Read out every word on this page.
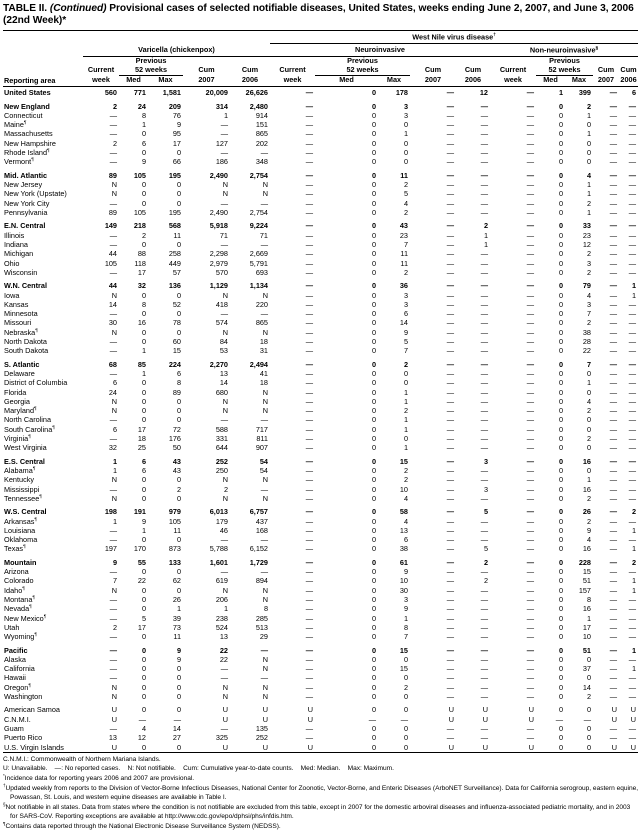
TABLE II. (Continued) Provisional cases of selected notifiable diseases, United States, weeks ending June 2, 2007, and June 3, 2006 (22nd Week)*
						West Nile virus disease†
	Varicella (chickenpox)					Neuroinvasive					Non-neuroinvasive§
Reporting area		Previous					Previous					Previous			
	Current	52 weeks		Cum	Cum	Current	52 weeks		Cum	Cum	Current	52 weeks		Cum	Cum
	week	Med	Max	2007	2006	week	Med	Max	2007	2006	week	Med	Max	2007	2006
United States	560	771	1,581	20,009	26,626	—	0	178	—	12	—	1	399	—	6

New England	2	24	209	314	2,480	—	0	3	—	—	—	0	2	—	—
Connecticut	—	8	76	1	914	—	0	3	—	—	—	0	1	—	—
Maine¶	—	1	9	—	151	—	0	0	—	—	—	0	0	—	—
Massachusetts	—	0	95	—	865	—	0	1	—	—	—	0	1	—	—
New Hampshire	2	6	17	127	202	—	0	0	—	—	—	0	0	—	—
Rhode Island¶	—	0	0	—	—	—	0	0	—	—	—	0	0	—	—
Vermont¶	—	9	66	186	348	—	0	0	—	—	—	0	0	—	—

Mid. Atlantic	89	105	195	2,490	2,754	—	0	11	—	—	—	0	4	—	—
New Jersey	N	0	0	N	N	—	0	2	—	—	—	0	1	—	—
New York (Upstate)	N	0	0	N	N	—	0	5	—	—	—	0	1	—	—
New York City	—	0	0	—	—	—	0	4	—	—	—	0	2	—	—
Pennsylvania	89	105	195	2,490	2,754	—	0	2	—	—	—	0	1	—	—

E.N. Central	149	218	568	5,918	9,224	—	0	43	—	2	—	0	33	—	—
Illinois	—	2	11	71	71	—	0	23	—	1	—	0	23	—	—
Indiana	—	0	0	—	—	—	0	7	—	1	—	0	12	—	—
Michigan	44	88	258	2,298	2,669	—	0	11	—	—	—	0	2	—	—
Ohio	105	118	449	2,979	5,791	—	0	11	—	—	—	0	3	—	—
Wisconsin	—	17	57	570	693	—	0	2	—	—	—	0	2	—	—

W.N. Central	44	32	136	1,129	1,134	—	0	36	—	—	—	0	79	—	1
Iowa	N	0	0	N	N	—	0	3	—	—	—	0	4	—	1
Kansas	14	8	52	418	220	—	0	3	—	—	—	0	3	—	—
Minnesota	—	0	0	—	—	—	0	6	—	—	—	0	7	—	—
Missouri	30	16	78	574	865	—	0	14	—	—	—	0	2	—	—
Nebraska¶	N	0	0	N	N	—	0	9	—	—	—	0	38	—	—
North Dakota	—	0	60	84	18	—	0	5	—	—	—	0	28	—	—
South Dakota	—	1	15	53	31	—	0	7	—	—	—	0	22	—	—

S. Atlantic	68	85	224	2,270	2,494	—	0	2	—	—	—	0	7	—	—
Delaware	—	1	6	13	41	—	0	0	—	—	—	0	0	—	—
District of Columbia	6	0	8	14	18	—	0	0	—	—	—	0	1	—	—
Florida	24	0	89	680	N	—	0	1	—	—	—	0	0	—	—
Georgia	N	0	0	N	N	—	0	1	—	—	—	0	4	—	—
Maryland¶	N	0	0	N	N	—	0	2	—	—	—	0	2	—	—
North Carolina	—	0	0	—	—	—	0	1	—	—	—	0	0	—	—
South Carolina¶	6	17	72	588	717	—	0	1	—	—	—	0	0	—	—
Virginia¶	—	18	176	331	811	—	0	0	—	—	—	0	2	—	—
West Virginia	32	25	50	644	907	—	0	1	—	—	—	0	0	—	—

E.S. Central	1	6	43	252	54	—	0	15	—	3	—	0	16	—	—
Alabama¶	1	6	43	250	54	—	0	2	—	—	—	0	0	—	—
Kentucky	N	0	0	N	N	—	0	2	—	—	—	0	1	—	—
Mississippi	—	0	2	2	—	—	0	10	—	3	—	0	16	—	—
Tennessee¶	N	0	0	N	N	—	0	4	—	—	—	0	2	—	—

W.S. Central	198	191	979	6,013	6,757	—	0	58	—	5	—	0	26	—	2
Arkansas¶	1	9	105	179	437	—	0	4	—	—	—	0	2	—	—
Louisiana	—	1	11	46	168	—	0	13	—	—	—	0	9	—	1
Oklahoma	—	0	0	—	—	—	0	6	—	—	—	0	4	—	—
Texas¶	197	170	873	5,788	6,152	—	0	38	—	5	—	0	16	—	1

Mountain	9	55	133	1,601	1,729	—	0	61	—	2	—	0	228	—	2
Arizona	—	0	0	—	—	—	0	9	—	—	—	0	15	—	—
Colorado	7	22	62	619	894	—	0	10	—	2	—	0	51	—	1
Idaho¶	N	0	0	N	N	—	0	30	—	—	—	0	157	—	1
Montana¶	—	0	26	206	N	—	0	3	—	—	—	0	8	—	—
Nevada¶	—	0	1	1	8	—	0	9	—	—	—	0	16	—	—
New Mexico¶	—	5	39	238	285	—	0	1	—	—	—	0	1	—	—
Utah	2	17	73	524	513	—	0	8	—	—	—	0	17	—	—
Wyoming¶	—	0	11	13	29	—	0	7	—	—	—	0	10	—	—

Pacific	—	0	9	22	—	—	0	15	—	—	—	0	51	—	1
Alaska	—	0	9	22	N	—	0	0	—	—	—	0	0	—	—
California	—	0	0	—	N	—	0	15	—	—	—	0	37	—	1
Hawaii	—	0	0	—	—	—	0	0	—	—	—	0	0	—	—
Oregon¶	N	0	0	N	N	—	0	2	—	—	—	0	14	—	—
Washington	N	0	0	N	N	—	0	0	—	—	—	0	2	—	—

American Samoa	U	0	0	U	U	U	0	0	U	U	U	0	0	U	U
C.N.M.I.	U	—	—	U	U	U	—	—	U	U	U	—	—	U	U
Guam	—	4	14	—	135	—	0	0	—	—	—	0	0	—	—
Puerto Rico	13	12	27	325	252	—	0	0	—	—	—	0	0	—	—
U.S. Virgin Islands	U	0	0	U	U	U	0	0	U	U	U	0	0	U	U
C.N.M.I.: Commonwealth of Northern Mariana Islands.
U: Unavailable.    —: No reported cases.    N: Not notifiable.    Cum: Cumulative year-to-date counts.    Med: Median.    Max: Maximum.
*Incidence data for reporting years 2006 and 2007 are provisional.
†Updated weekly from reports to the Division of Vector-Borne Infectious Diseases, National Center for Zoonotic, Vector-Borne, and Enteric Diseases (ArboNET Surveillance). Data for California serogroup, eastern equine, Powassan, St. Louis, and western equine diseases are available in Table I.
§Not notifiable in all states. Data from states where the condition is not notifiable are excluded from this table, except in 2007 for the domestic arboviral diseases and influenza-associated pediatric mortality, and in 2003 for SARS-CoV. Reporting exceptions are available at http://www.cdc.gov/epo/dphsi/phs/infdis.htm.
¶Contains data reported through the National Electronic Disease Surveillance System (NEDSS).
